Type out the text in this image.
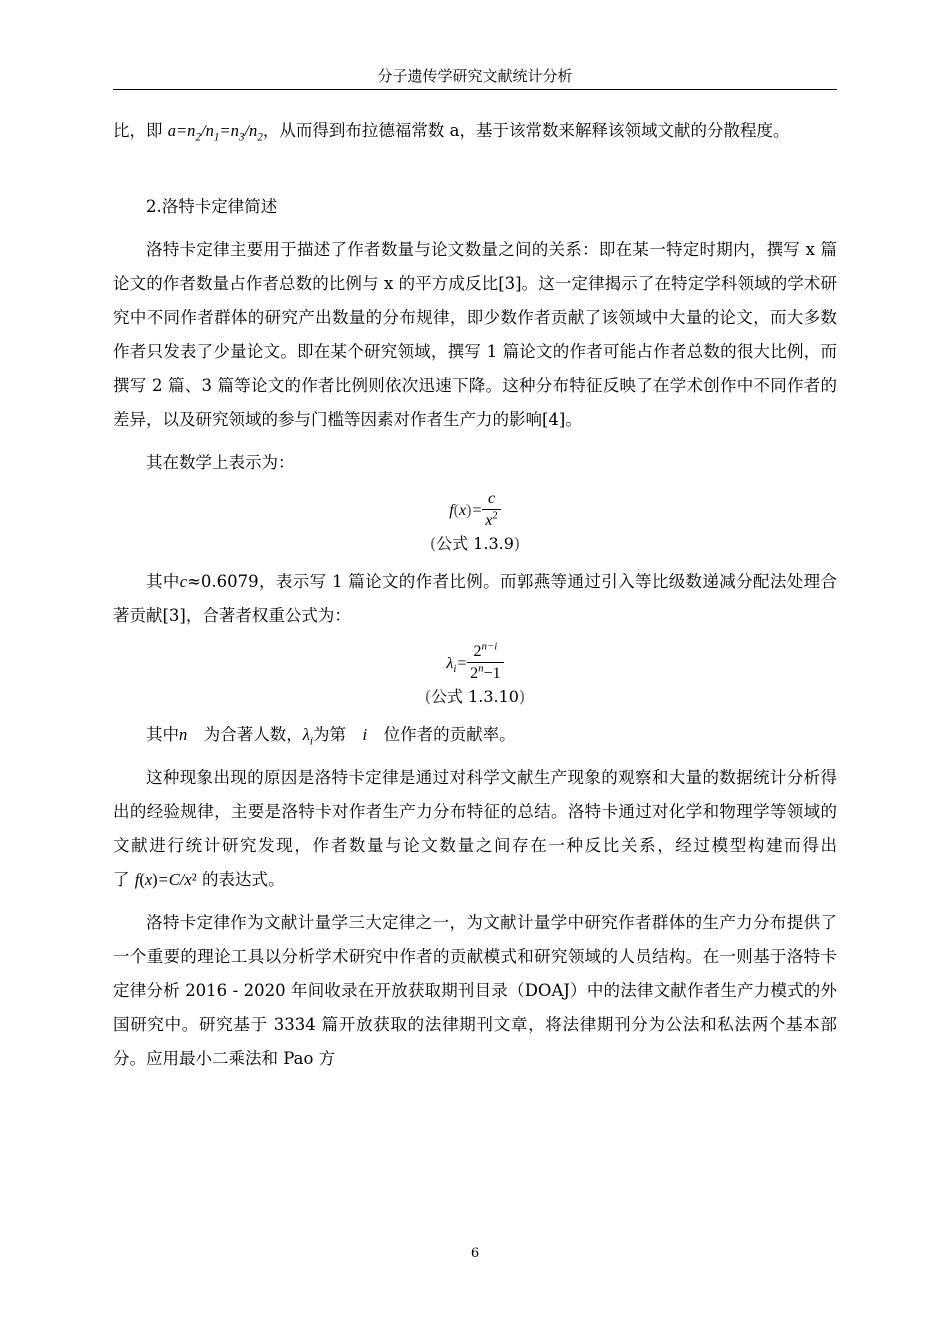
分子遗传学研究文献统计分析

比，即 $a=n_2/n_1=n_3/n_2$，从而得到布拉德福常数 a，基于该常数来解释该领域文献的分散程度。

2.洛特卡定律简述

洛特卡定律主要用于描述了作者数量与论文数量之间的关系：即在某一特定时期内，撰写 x 篇论文的作者数量占作者总数的比例与 x 的平方成反比[3]。这一定律揭示了在特定学科领域的学术研究中不同作者群体的研究产出数量的分布规律，即少数作者贡献了该领域中大量的论文，而大多数作者只发表了少量论文。即在某个研究领域，撰写 1 篇论文的作者可能占作者总数的很大比例，而撰写 2 篇、3 篇等论文的作者比例则依次迅速下降。这种分布特征反映了在学术创作中不同作者的差异，以及研究领域的参与门槛等因素对作者生产力的影响[4]。

其在数学上表示为：

$f(x)= \frac{c}{x^2}$
(公式 1.3.9)

其中c≈0.6079，表示写 1 篇论文的作者比例。而郭燕等通过引入等比级数递减分配法处理合著贡献[3]，合著者权重公式为：

$\lambda_i= \frac{2^{n-i}}{2^n-1}$
(公式 1.3.10)

其中n　为合著人数，$\lambda_i$为第　i　位作者的贡献率。

这种现象出现的原因是洛特卡定律是通过对科学文献生产现象的观察和大量的数据统计分析得出的经验规律，主要是洛特卡对作者生产力分布特征的总结。洛特卡通过对化学和物理学等领域的文献进行统计研究发现，作者数量与论文数量之间存在一种反比关系，经过模型构建而得出了 f(x)=C/x² 的表达式。

洛特卡定律作为文献计量学三大定律之一，为文献计量学中研究作者群体的生产力分布提供了一个重要的理论工具以分析学术研究中作者的贡献模式和研究领域的人员结构。在一则基于洛特卡定律分析 2016 - 2020 年间收录在开放获取期刊目录（DOAJ）中的法律文献作者生产力模式的外国研究中。研究基于 3334 篇开放获取的法律期刊文章，将法律期刊分为公法和私法两个基本部分。应用最小二乘法和 Pao 方

6
